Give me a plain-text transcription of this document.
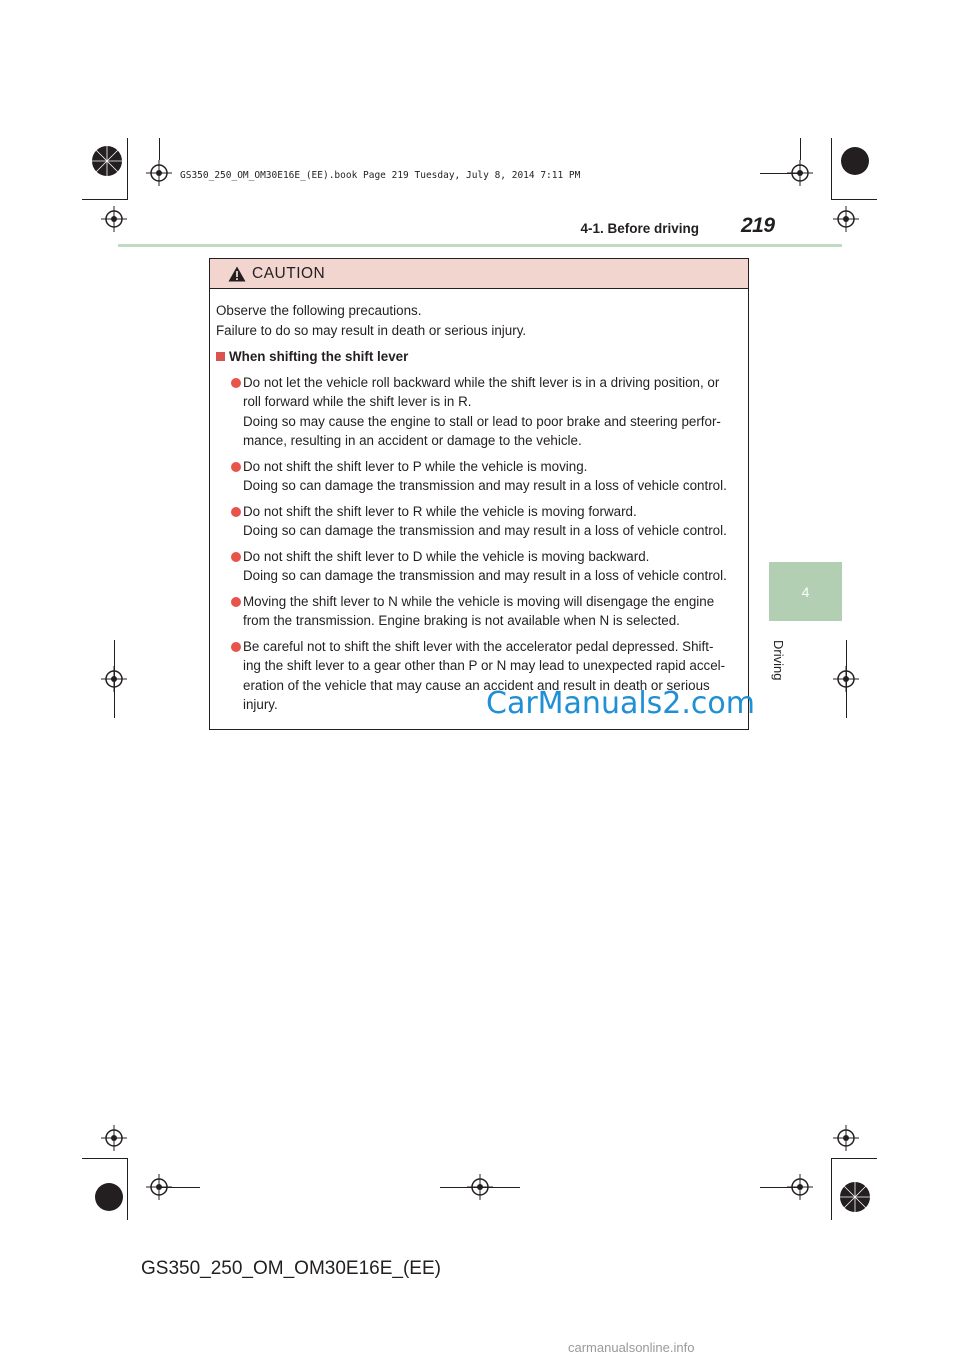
GS350_250_OM_OM30E16E_(EE).book Page 219 Tuesday, July 8, 2014 7:11 PM
4-1. Before driving 219
4
Driving
CAUTION

Observe the following precautions.

Failure to do so may result in death or serious injury.

When shifting the shift lever

Do not let the vehicle roll backward while the shift lever is in a driving position, or
roll forward while the shift lever is in R.
Doing so may cause the engine to stall or lead to poor brake and steering perfor-
mance, resulting in an accident or damage to the vehicle.
Do not shift the shift lever to P while the vehicle is moving.
Doing so can damage the transmission and may result in a loss of vehicle control.
Do not shift the shift lever to R while the vehicle is moving forward.
Doing so can damage the transmission and may result in a loss of vehicle control.
Do not shift the shift lever to D while the vehicle is moving backward.
Doing so can damage the transmission and may result in a loss of vehicle control.
Moving the shift lever to N while the vehicle is moving will disengage the engine
from the transmission. Engine braking is not available when N is selected.
Be careful not to shift the shift lever with the accelerator pedal depressed. Shift-
ing the shift lever to a gear other than P or N may lead to unexpected rapid accel-
eration of the vehicle that may cause an accident and result in death or serious
injury.	CarManuals2.com
GS350_250_OM_OM30E16E_(EE)
carmanualsonline.info
